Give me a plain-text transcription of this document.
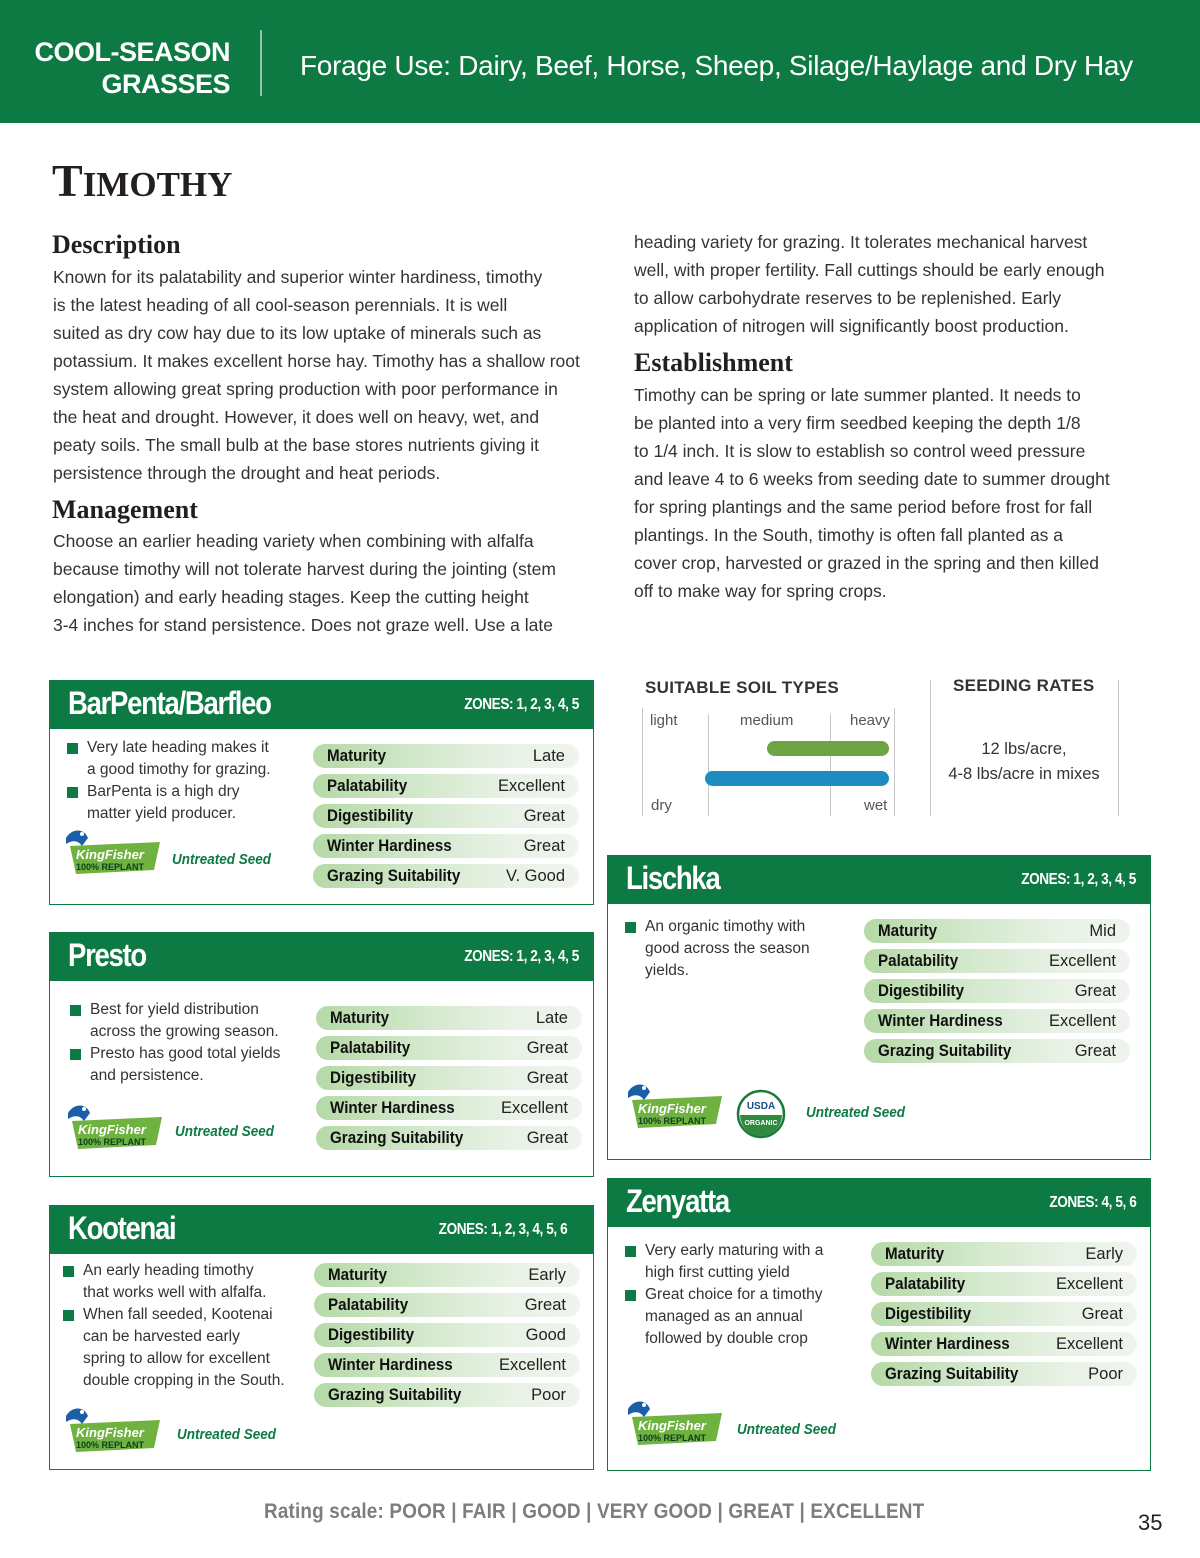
COOL-SEASON
GRASSES
Forage Use: Dairy, Beef, Horse, Sheep, Silage/Haylage and Dry Hay
TIMOTHY
Description
Known for its palatability and superior winter hardiness, timothy
is the latest heading of all cool-season perennials. It is well
suited as dry cow hay due to its low uptake of minerals such as
potassium. It makes excellent horse hay. Timothy has a shallow root
system allowing great spring production with poor performance in
the heat and drought. However, it does well on heavy, wet, and
peaty soils. The small bulb at the base stores nutrients giving it
persistence through the drought and heat periods.
Management
Choose an earlier heading variety when combining with alfalfa
because timothy will not tolerate harvest during the jointing (stem
elongation) and early heading stages. Keep the cutting height
3-4 inches for stand persistence. Does not graze well. Use a late
heading variety for grazing. It tolerates mechanical harvest
well, with proper fertility. Fall cuttings should be early enough
to allow carbohydrate reserves to be replenished. Early
application of nitrogen will significantly boost production.
Establishment
Timothy can be spring or late summer planted. It needs to
be planted into a very firm seedbed keeping the depth 1/8
to 1/4 inch. It is slow to establish so control weed pressure
and leave 4 to 6 weeks from seeding date to summer drought
for spring plantings and the same period before frost for fall
plantings. In the South, timothy is often fall planted as a
cover crop, harvested or grazed in the spring and then killed
off to make way for spring crops.
SUITABLE SOIL TYPES
light	medium	heavy
dry	wet
SEEDING RATES
12 lbs/acre,
4-8 lbs/acre in mixes
BarPenta/Barfleo	ZONES: 1, 2, 3, 4, 5
Very late heading makes it
a good timothy for grazing.
BarPenta is a high dry
matter yield producer.
Maturity	Late
Palatability	Excellent
Digestibility	Great
Winter Hardiness	Great
Grazing Suitability	V. Good
KingFisher
100% REPLANT Untreated Seed
Presto	ZONES: 1, 2, 3, 4, 5
Best for yield distribution
across the growing season.
Presto has good total yields
and persistence.
Maturity	Late
Palatability	Great
Digestibility	Great
Winter Hardiness	Excellent
Grazing Suitability	Great
KingFisher
100% REPLANT
Untreated Seed
Kootenai	ZONES: 1, 2, 3, 4, 5, 6
An early heading timothy
that works well with alfalfa.
When fall seeded, Kootenai
can be harvested early
spring to allow for excellent
double cropping in the South.
Maturity	Early
Palatability	Great
Digestibility	Good
Winter Hardiness	Excellent
Grazing Suitability	Poor
KingFisher
100% REPLANT
Untreated Seed
Lischka	ZONES: 1, 2, 3, 4, 5
An organic timothy with
good across the season
yields.
Maturity	Mid
Palatability	Excellent
Digestibility	Great
Winter Hardiness	Excellent
Grazing Suitability	Great
KingFisher
100% REPLANT
USDA
ORGANIC
Untreated Seed
Zenyatta	ZONES: 4, 5, 6
Very early maturing with a
high first cutting yield
Great choice for a timothy
managed as an annual
followed by double crop
Maturity	Early
Palatability	Excellent
Digestibility	Great
Winter Hardiness	Excellent
Grazing Suitability	Poor
KingFisher
100% REPLANT Untreated Seed
Rating scale: POOR | FAIR | GOOD | VERY GOOD | GREAT | EXCELLENT	35
